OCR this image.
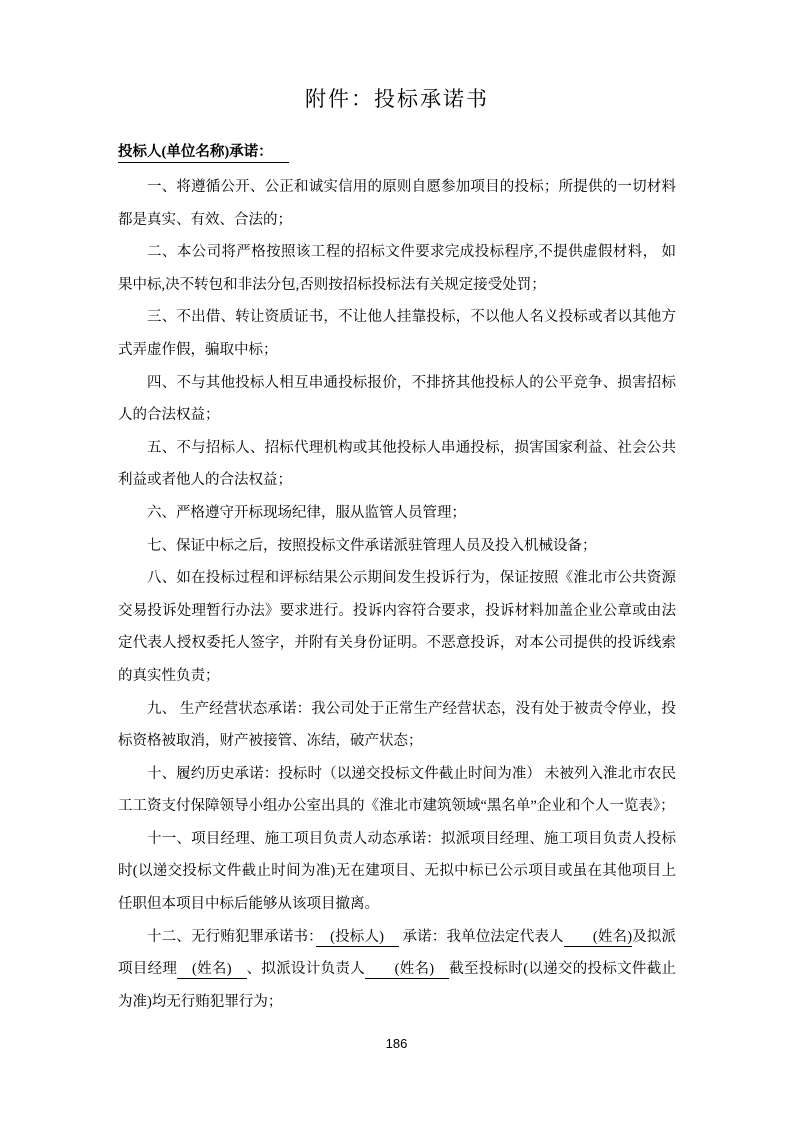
附件：投标承诺书
投标人(单位名称)承诺：

一、将遵循公开、公正和诚实信用的原则自愿参加项目的投标；所提供的一切材料都是真实、有效、合法的；

二、本公司将严格按照该工程的招标文件要求完成投标程序,不提供虚假材料， 如果中标,决不转包和非法分包,否则按招标投标法有关规定接受处罚；

三、不出借、转让资质证书，不让他人挂靠投标，不以他人名义投标或者以其他方式弄虚作假，骗取中标；

四、不与其他投标人相互串通投标报价，不排挤其他投标人的公平竞争、损害招标人的合法权益；

五、不与招标人、招标代理机构或其他投标人串通投标，损害国家利益、社会公共利益或者他人的合法权益；

六、严格遵守开标现场纪律，服从监管人员管理；

七、保证中标之后，按照投标文件承诺派驻管理人员及投入机械设备；

八、如在投标过程和评标结果公示期间发生投诉行为，保证按照《淮北市公共资源交易投诉处理暂行办法》要求进行。投诉内容符合要求，投诉材料加盖企业公章或由法定代表人授权委托人签字，并附有关身份证明。不恶意投诉，对本公司提供的投诉线索的真实性负责；

九、 生产经营状态承诺：我公司处于正常生产经营状态，没有处于被责令停业，投标资格被取消，财产被接管、冻结，破产状态；

十、履约历史承诺：投标时（以递交投标文件截止时间为准） 未被列入淮北市农民工工资支付保障领导小组办公室出具的《淮北市建筑领域“黑名单”企业和个人一览表》；

十一、项目经理、施工项目负责人动态承诺：拟派项目经理、施工项目负责人投标时(以递交投标文件截止时间为准)无在建项目、无拟中标已公示项目或虽在其他项目上任职但本项目中标后能够从该项目撤离。

十二、无行贿犯罪承诺书：　(投标人)　 承诺：我单位法定代表人　　(姓名)及拟派项目经理　(姓名)　、拟派设计负责人　　(姓名)　截至投标时(以递交的投标文件截止为准)均无行贿犯罪行为；

186
